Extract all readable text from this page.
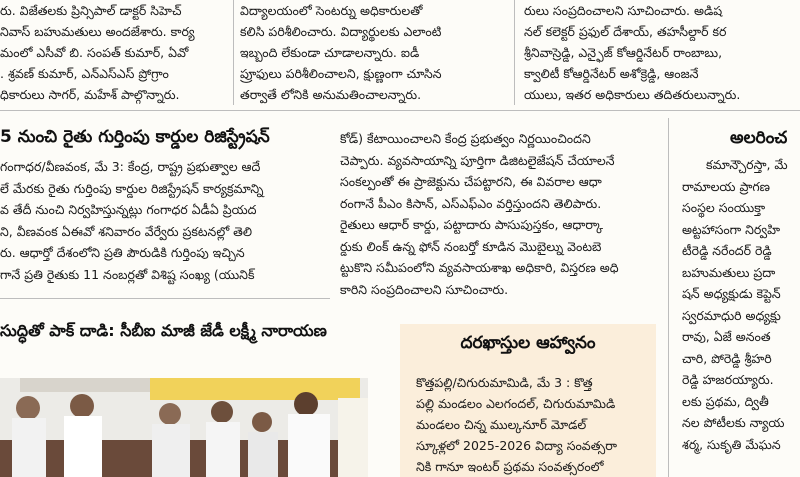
రు. విజేతలకు ప్రిన్సిపాల్ డాక్టర్ సిహెచ్
నివాస్ బహుమతులు అందజేశారు. కార్య
మంలో ఎసీవో బి. సంపత్ కుమార్, ఏవో
. శ్రవణ్ కుమార్, ఎన్ఎస్ఎస్ ప్రోగ్రాం
ధికారులు సాగర్, మహేశ్ పాల్గొన్నారు.
విద్యాలయంలో సెంటర్ను అధికారులతో
కలిసి పరిశీలించారు. విద్యార్థులకు ఎలాంటి
ఇబ్బంది లేకుండా చూడాలన్నారు. ఐడీ
ప్రూఫులు పరిశీలించాలని, క్షుణ్ణంగా చూసిన
తర్వాతే లోనికి అనుమతించాలన్నారు.
రులు సంప్రదించాలని సూచించారు. అడిష
నల్ కలెక్టర్ ప్రఫుల్ దేశాయ్, తహసీల్దార్ కర
శ్రీనివాస్రెడ్డి, ఎన్ఫైజ్ కోఆర్డినేటర్ రాంబాబు,
క్వాలిటీ కోఆర్డినేటర్ అశోక్రెడ్డి, ఆంజనే
యులు, ఇతర అధికారులు తదితరులున్నారు.
5 నుంచి రైతు గుర్తింపు కార్డుల రిజిస్ట్రేషన్
గంగాధర/వీణవంక, మే 3: కేంద్ర, రాష్ట్ర ప్రభుత్వాల ఆదే
లే మేరకు రైతు గుర్తింపు కార్డుల రిజిస్ట్రేషన్ కార్యక్రమాన్ని
వ తేదీ నుంచి నిర్వహిస్తున్నట్లు గంగాధర ఏడీఏ ప్రియద
ని, వీణవంక ఏఈవో శనివారం వేర్వేరు ప్రకటనల్లో తెలి
రు. ఆధార్తో దేశంలోని ప్రతి పౌరుడికి గుర్తింపు ఇచ్చిన
గానే ప్రతి రైతుకు 11 నంబర్లతో విశిష్ట సంఖ్య (యునిక్
కోడ్) కేటాయించాలని కేంద్ర ప్రభుత్వం నిర్ణయించిందని
చెప్పారు. వ్యవసాయాన్ని పూర్తిగా డిజిటలైజేషన్ చేయాలనే
సంకల్పంతో ఈ ప్రాజెక్టును చేపట్టారని, ఈ వివరాల ఆధా
రంగానే పీఎం కిసాన్, ఎస్ఎఫ్ఎం వర్తిస్తుందని తెలిపారు.
రైతులు ఆధార్ కార్డు, పట్టాదారు పాసుపుస్తకం, ఆధార్కా
ర్డుకు లింక్ ఉన్న ఫోన్ నంబర్తో కూడిన మొబైల్ను వెంటబె
ట్టుకొని సమీపంలోని వ్యవసాయశాఖ అధికారి, విస్తరణ అధి
కారిని సంప్రదించాలని సూచించారు.
సుద్ధితో పాక్ దాడి: సీబీఐ మాజీ జేడీ లక్ష్మీ నారాయణ
దరఖాస్తుల ఆహ్వానం
కొత్తపల్లి/చిగురుమామిడి, మే 3 : కొత్త
పల్లి మండలం ఎలగందల్, చిగురుమామిడి
మండలం చిన్న ముల్కనూర్ మోడల్
స్కూళ్లలో 2025-2026 విద్యా సంవత్సరా
నికి గానూ ఇంటర్ ప్రథమ సంవత్సరంలో
అలరించ
కమాన్చౌరస్తా, మే
రామాలయ ప్రాగణ
సంస్థల సంయుక్తా
అట్టహాసంగా నిర్వహి
టీరెడ్డి నరేందర్ రెడ్డి
బహుమతులు ప్రదా
షన్ అధ్యక్షుడు కెప్టెన్
స్వరమాధురి అధ్యక్షు
రావు, ఏజే అనంత
చారి, పోరెడ్డి శ్రీహరి
రెడ్డి హజరయ్యారు.
లకు ప్రథమ, ద్వితీ
నల పోటీలకు న్యాయ
శర్మ, సుకృతి మేఘన
